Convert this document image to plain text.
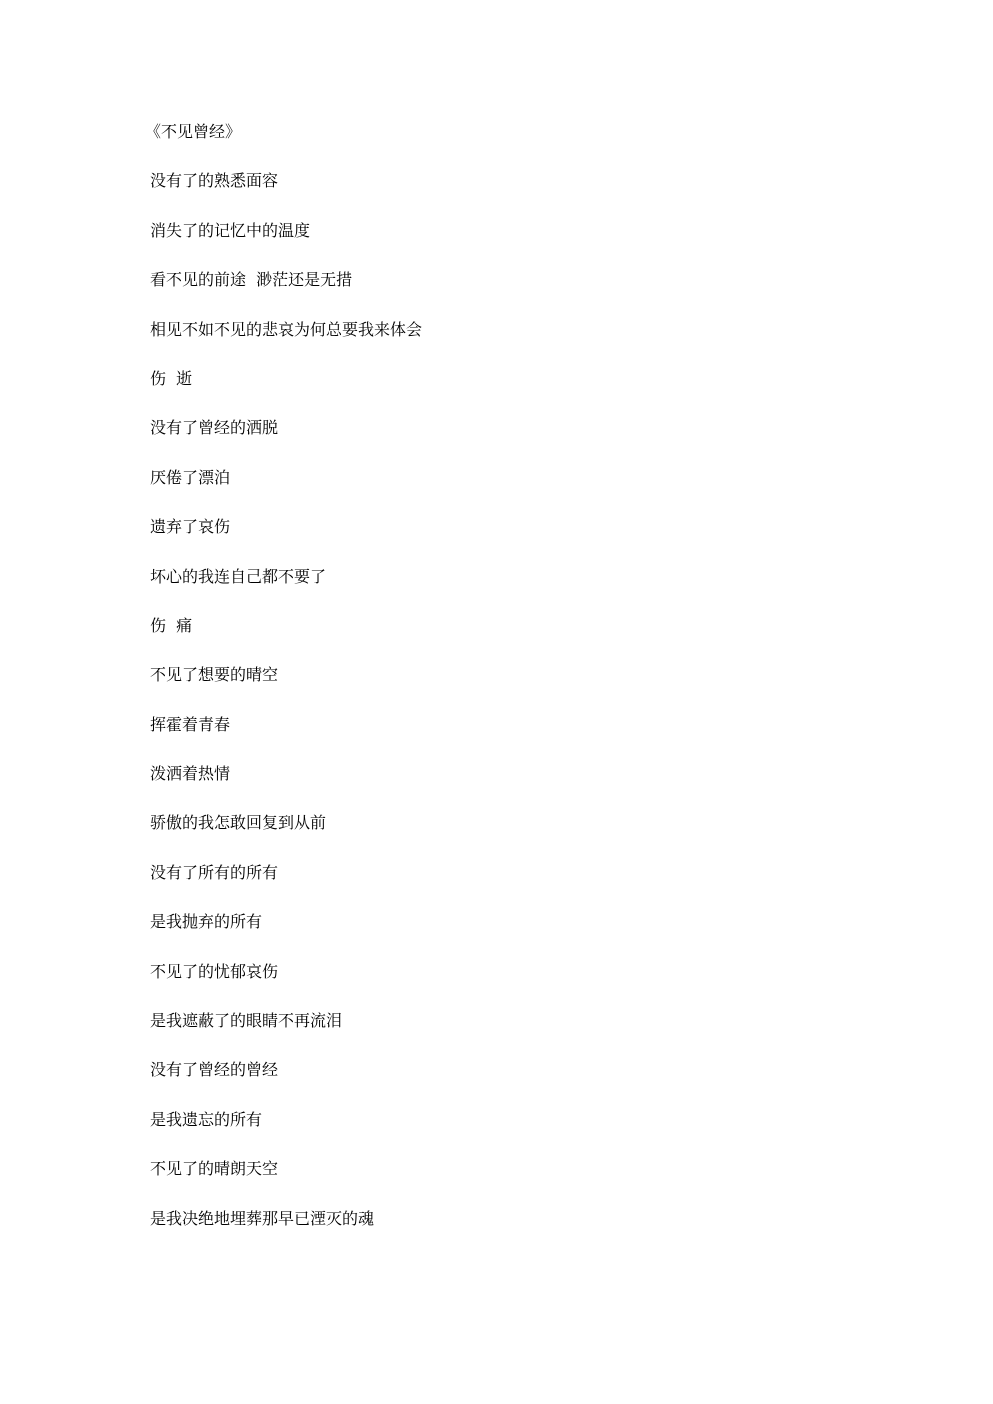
《不见曾经》
没有了的熟悉面容
消失了的记忆中的温度
看不见的前途  渺茫还是无措
相见不如不见的悲哀为何总要我来体会
伤  逝
没有了曾经的洒脱
厌倦了漂泊
遗弃了哀伤
坏心的我连自己都不要了
伤  痛
不见了想要的晴空
挥霍着青春
泼洒着热情
骄傲的我怎敢回复到从前
没有了所有的所有
是我抛弃的所有
不见了的忧郁哀伤
是我遮蔽了的眼睛不再流泪
没有了曾经的曾经
是我遗忘的所有
不见了的晴朗天空
是我决绝地埋葬那早已湮灭的魂
